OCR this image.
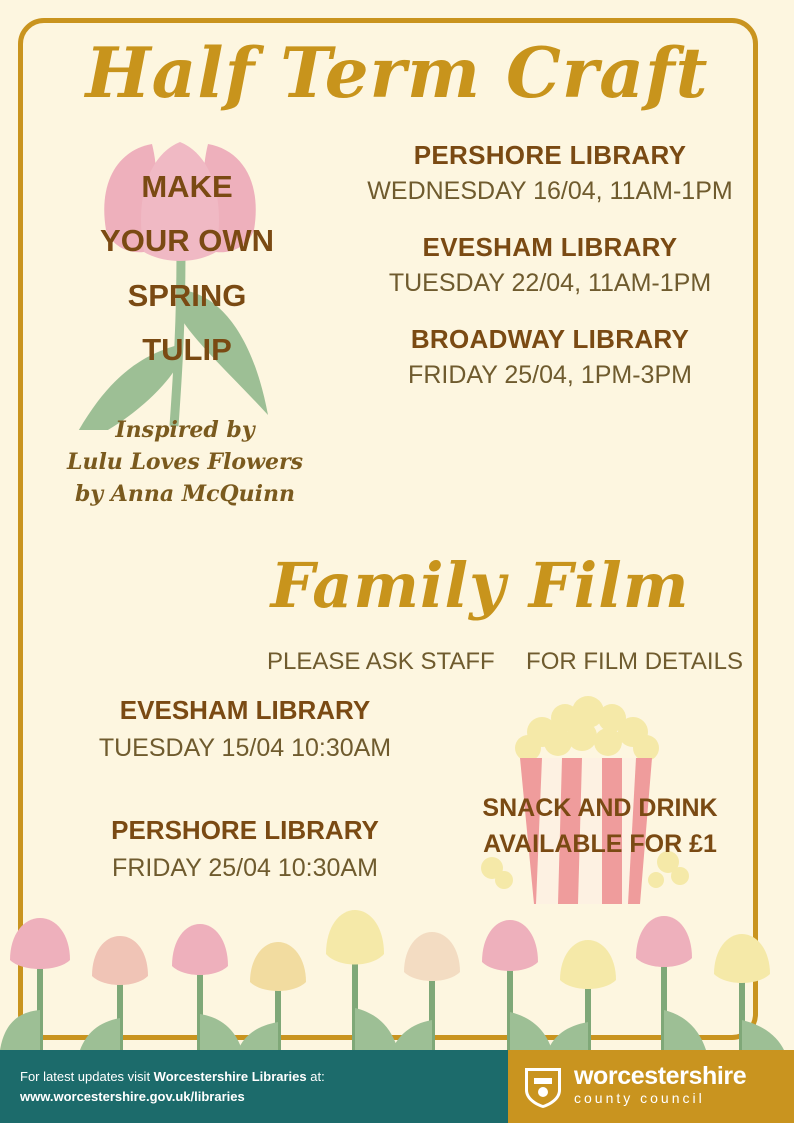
Half Term Craft
MAKE
YOUR OWN
SPRING
TULIP
Inspired by
Lulu Loves Flowers
by Anna McQuinn
PERSHORE LIBRARY
WEDNESDAY 16/04, 11AM-1PM
EVESHAM LIBRARY
TUESDAY 22/04, 11AM-1PM
BROADWAY LIBRARY
FRIDAY 25/04, 1PM-3PM
Family Film
PLEASE ASK STAFF FOR FILM DETAILS
EVESHAM LIBRARY
TUESDAY 15/04 10:30AM
PERSHORE LIBRARY
FRIDAY 25/04 10:30AM
SNACK AND DRINK
AVAILABLE FOR £1
For latest updates visit Worcestershire Libraries at:
www.worcestershire.gov.uk/libraries
worcestershire
county council
